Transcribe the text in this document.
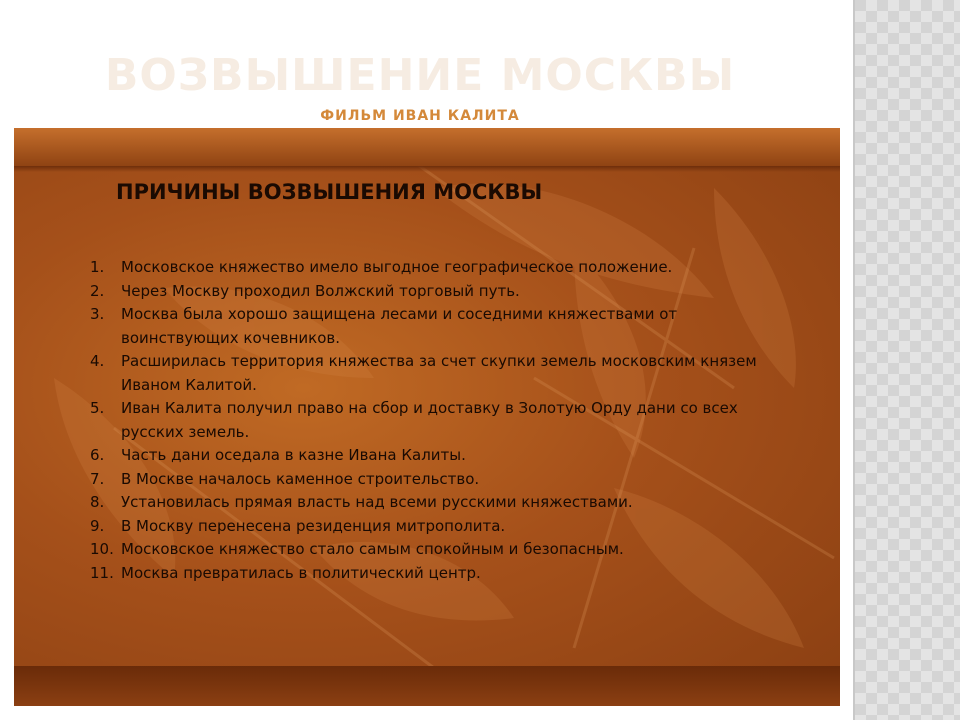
ВОЗВЫШЕНИЕ МОСКВЫ
ФИЛЬМ ИВАН КАЛИТА
ПРИЧИНЫ ВОЗВЫШЕНИЯ МОСКВЫ
1.	Московское княжество имело выгодное географическое положение.
2.	Через Москву проходил Волжский торговый путь.
3.	Москва была хорошо защищена лесами и соседними княжествами от воинствующих кочевников.
4.	Расширилась территория княжества за счет скупки земель московским князем Иваном Калитой.
5.	Иван Калита получил право на сбор и доставку в Золотую Орду дани со всех русских земель.
6.	Часть дани оседала в казне Ивана Калиты.
7.	В Москве началось каменное строительство.
8.	Установилась прямая власть над всеми русскими княжествами.
9.	В Москву перенесена резиденция митрополита.
10. Московское княжество стало самым спокойным и безопасным.
11. Москва превратилась в политический центр.
